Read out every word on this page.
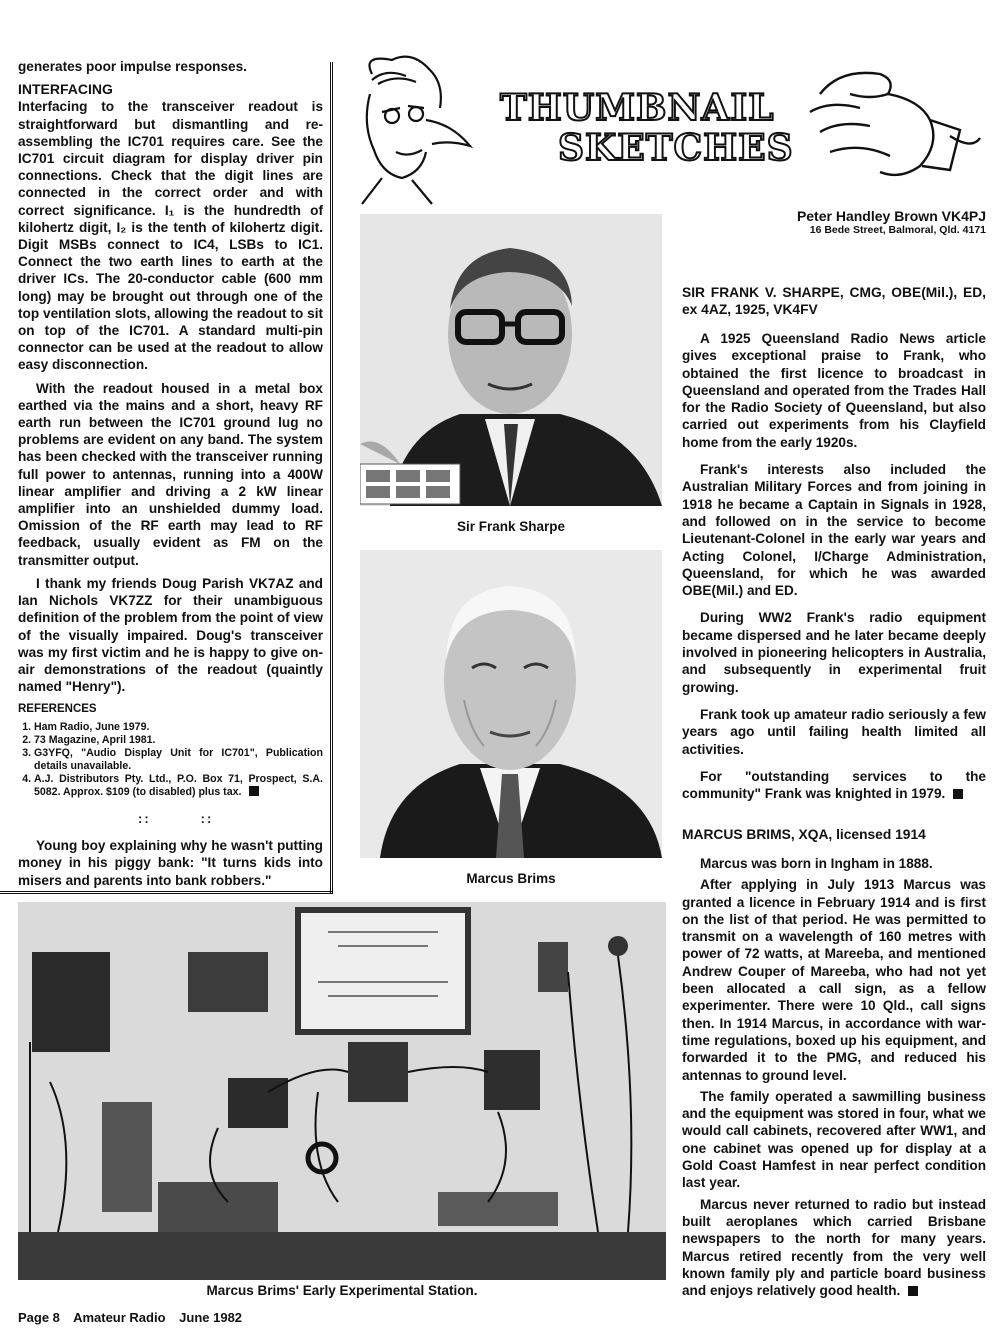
generates poor impulse responses.

INTERFACING

Interfacing to the transceiver readout is straightforward but dismantling and re-assembling the IC701 requires care. See the IC701 circuit diagram for display driver pin connections. Check that the digit lines are connected in the correct order and with correct significance. I₁ is the hundredth of kilohertz digit, I₂ is the tenth of kilohertz digit. Digit MSBs connect to IC4, LSBs to IC1. Connect the two earth lines to earth at the driver ICs. The 20-conductor cable (600 mm long) may be brought out through one of the top ventilation slots, allowing the readout to sit on top of the IC701. A standard multi-pin connector can be used at the readout to allow easy disconnection.

With the readout housed in a metal box earthed via the mains and a short, heavy RF earth run between the IC701 ground lug no problems are evident on any band. The system has been checked with the transceiver running full power to antennas, running into a 400W linear amplifier and driving a 2 kW linear amplifier into an unshielded dummy load. Omission of the RF earth may lead to RF feedback, usually evident as FM on the transmitter output.

I thank my friends Doug Parish VK7AZ and Ian Nichols VK7ZZ for their unambiguous definition of the problem from the point of view of the visually impaired. Doug's transceiver was my first victim and he is happy to give on-air demonstrations of the readout (quaintly named "Henry").

REFERENCES
1. Ham Radio, June 1979.
2. 73 Magazine, April 1981.
3. G3YFQ, "Audio Display Unit for IC701", Publication details unavailable.
4. A.J. Distributors Pty. Ltd., P.O. Box 71, Prospect, S.A. 5082. Approx. $109 (to disabled) plus tax.
::	::

Young boy explaining why he wasn't putting money in his piggy bank: "It turns kids into misers and parents into bank robbers."

THUMBNAIL
SKETCHES
Peter Handley Brown VK4PJ
16 Bede Street, Balmoral, Qld. 4171
Sir Frank Sharpe
Marcus Brims
Marcus Brims' Early Experimental Station.
SIR FRANK V. SHARPE, CMG, OBE(Mil.), ED, ex 4AZ, 1925, VK4FV

A 1925 Queensland Radio News article gives exceptional praise to Frank, who obtained the first licence to broadcast in Queensland and operated from the Trades Hall for the Radio Society of Queensland, but also carried out experiments from his Clayfield home from the early 1920s.

Frank's interests also included the Australian Military Forces and from joining in 1918 he became a Captain in Signals in 1928, and followed on in the service to become Lieutenant-Colonel in the early war years and Acting Colonel, I/Charge Administration, Queensland, for which he was awarded OBE(Mil.) and ED.

During WW2 Frank's radio equipment became dispersed and he later became deeply involved in pioneering helicopters in Australia, and subsequently in experimental fruit growing.

Frank took up amateur radio seriously a few years ago until failing health limited all activities.

For "outstanding services to the community" Frank was knighted in 1979.

MARCUS BRIMS, XQA, licensed 1914

Marcus was born in Ingham in 1888.

After applying in July 1913 Marcus was granted a licence in February 1914 and is first on the list of that period. He was permitted to transmit on a wavelength of 160 metres with power of 72 watts, at Mareeba, and mentioned Andrew Couper of Mareeba, who had not yet been allocated a call sign, as a fellow experimenter. There were 10 Qld., call signs then. In 1914 Marcus, in accordance with war-time regulations, boxed up his equipment, and forwarded it to the PMG, and reduced his antennas to ground level.

The family operated a sawmilling business and the equipment was stored in four, what we would call cabinets, recovered after WW1, and one cabinet was opened up for display at a Gold Coast Hamfest in near perfect condition last year.

Marcus never returned to radio but instead built aeroplanes which carried Brisbane newspapers to the north for many years. Marcus retired recently from the very well known family ply and particle board business and enjoys relatively good health.

Page 8 Amateur Radio June 1982
